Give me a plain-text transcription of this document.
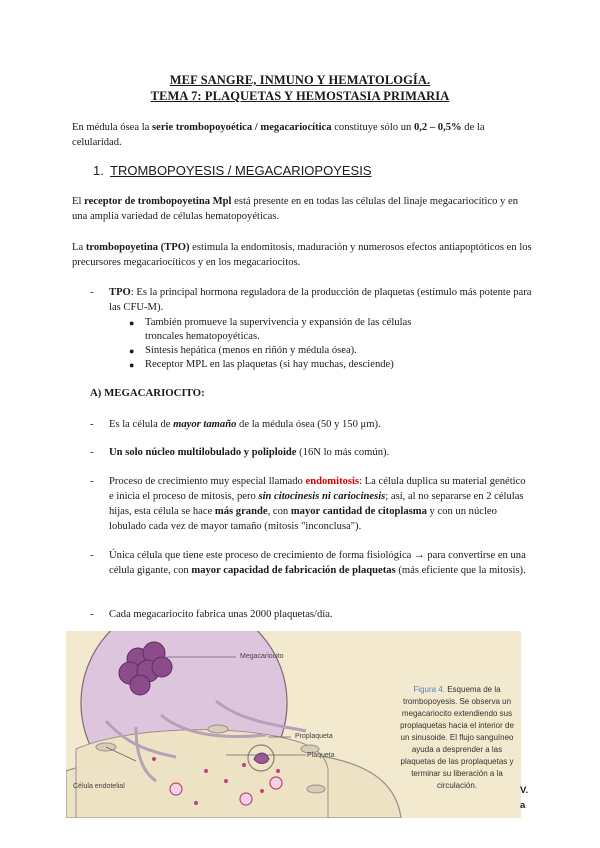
MEF SANGRE, INMUNO Y HEMATOLOGÍA.
TEMA 7: PLAQUETAS Y HEMOSTASIA PRIMARIA
En médula ósea la serie trombopoyoética / megacariocítica constituye sólo un 0,2 – 0,5% de la celularidad.
1. TROMBOPOYESIS / MEGACARIOPOYESIS
El receptor de trombopoyetina Mpl está presente en en todas las células del linaje megacariocítico y en una amplia variedad de células hematopoyéticas.
La trombopoyetina (TPO) estimula la endomitosis, maduración y numerosos efectos antiapoptóticos en los precursores megacariocíticos y en los megacariocitos.
- TPO: Es la principal hormona reguladora de la producción de plaquetas (estímulo más potente para las CFU-M).
● También promueve la supervivencia y expansión de las células troncales hematopoyéticas.
● Síntesis hepática (menos en riñón y médula ósea).
● Receptor MPL en las plaquetas (si hay muchas, desciende)
A) MEGACARIOCITO:
- Es la célula de mayor tamaño de la médula ósea (50 y 150 μm).
- Un solo núcleo multilobulado y poliploide (16N lo más común).
- Proceso de crecimiento muy especial llamado endomitosis: La célula duplica su material genético e inicia el proceso de mitosis, pero sin citocinesis ni cariocinesis; así, al no separarse en 2 células hijas, esta célula se hace más grande, con mayor cantidad de citoplasma y con un núcleo lobulado cada vez de mayor tamaño (mitosis "inconclusa").
- Única célula que tiene este proceso de crecimiento de forma fisiológica → para convertirse en una célula gigante, con mayor capacidad de fabricación de plaquetas (más eficiente que la mitosis).
- Cada megacariocito fabrica unas 2000 plaquetas/día.
Megacariocito
Proplaqueta
Plaqueta
Célula endotelial
Figura 4. Esquema de la trombopoyesis. Se observa un megacariocito extendiendo sus proplaquetas hacia el interior de un sinusoide. El flujo sanguíneo ayuda a desprender a las plaquetas de las proplaquetas y terminar su liberación a la circulación.	V.
a
